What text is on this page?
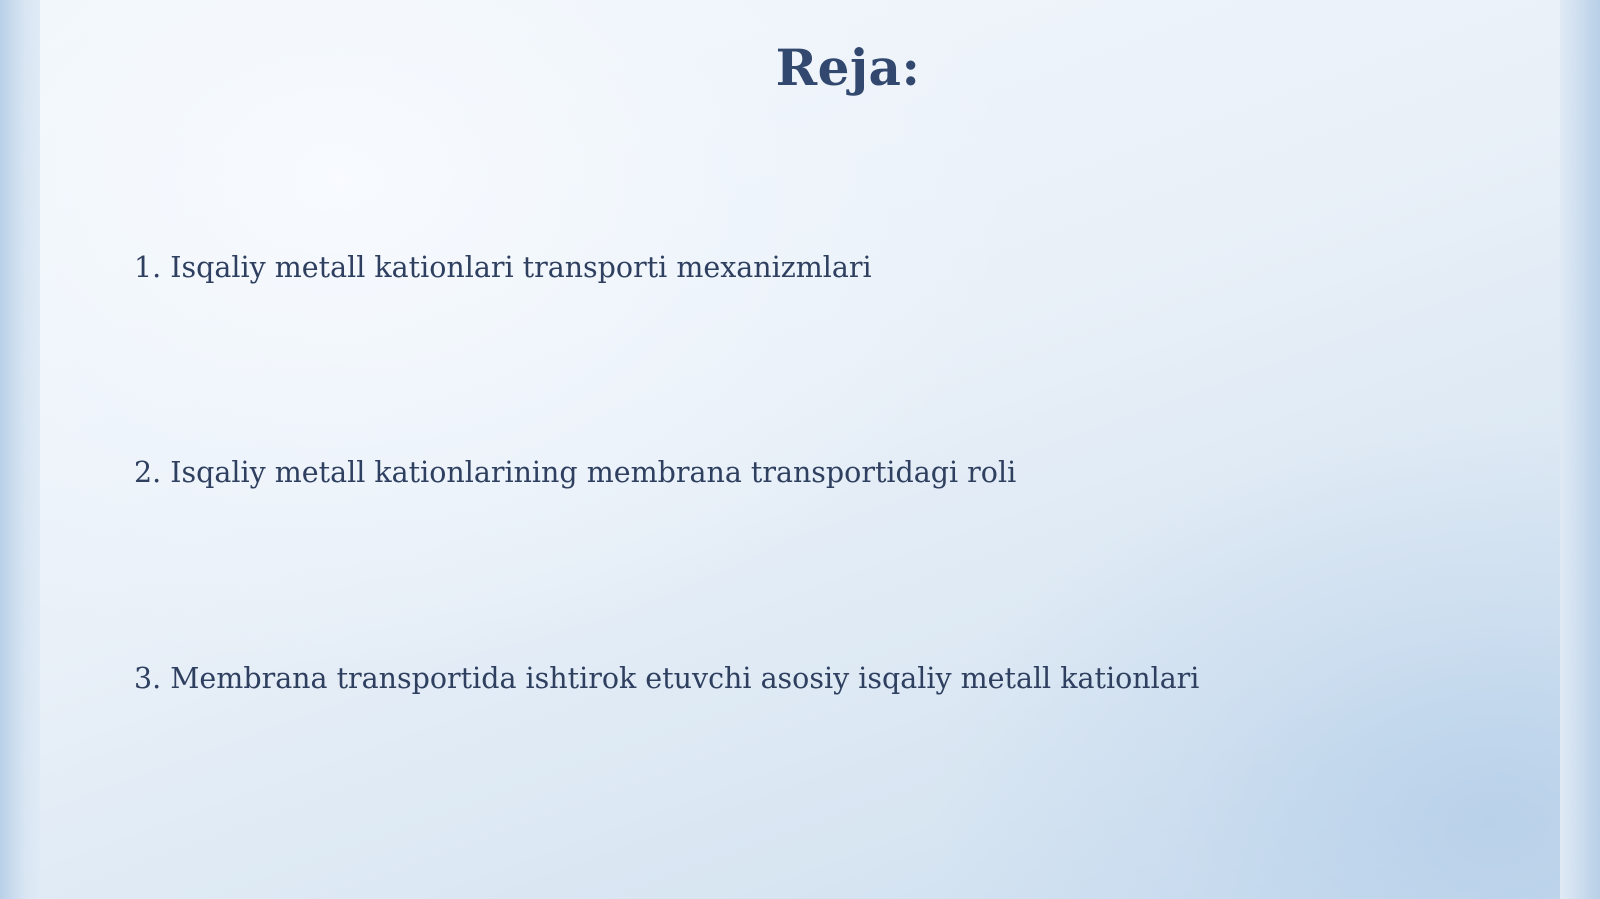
Reja:
1. Isqaliy metall kationlari transporti mexanizmlari
2. Isqaliy metall kationlarining membrana transportidagi roli
3. Membrana transportida ishtirok etuvchi asosiy isqaliy metall kationlari
